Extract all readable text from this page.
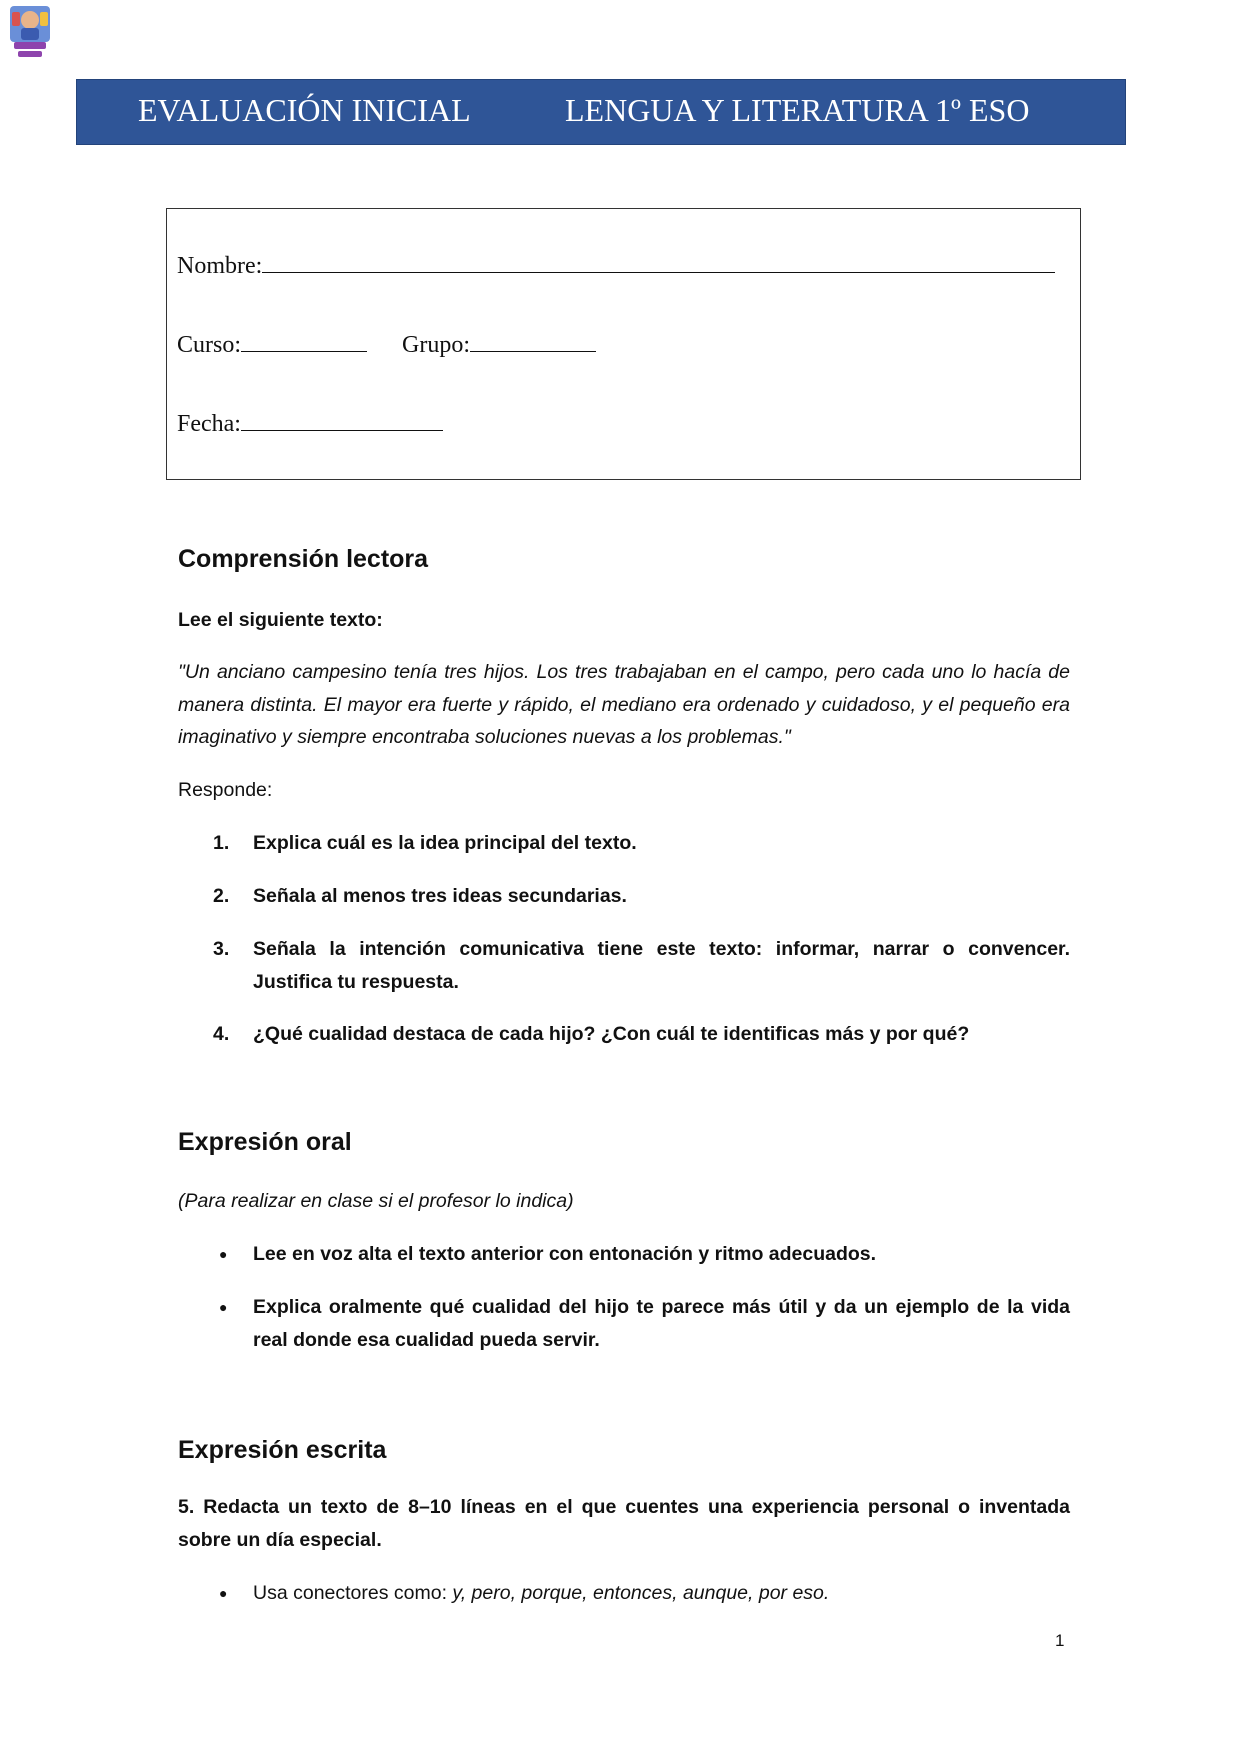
EVALUACIÓN INICIAL	LENGUA Y LITERATURA 1º ESO
Nombre:
Curso:	Grupo:
Fecha:
Comprensión lectora
Lee el siguiente texto:
"Un anciano campesino tenía tres hijos. Los tres trabajaban en el campo, pero cada uno lo hacía de manera distinta. El mayor era fuerte y rápido, el mediano era ordenado y cuidadoso, y el pequeño era imaginativo y siempre encontraba soluciones nuevas a los problemas."
Responde:
1. Explica cuál es la idea principal del texto.
2. Señala al menos tres ideas secundarias.
3. Señala la intención comunicativa tiene este texto: informar, narrar o convencer. Justifica tu respuesta.
4. ¿Qué cualidad destaca de cada hijo? ¿Con cuál te identificas más y por qué?
Expresión oral
(Para realizar en clase si el profesor lo indica)
● Lee en voz alta el texto anterior con entonación y ritmo adecuados.
● Explica oralmente qué cualidad del hijo te parece más útil y da un ejemplo de la vida real donde esa cualidad pueda servir.
Expresión escrita
5. Redacta un texto de 8–10 líneas en el que cuentes una experiencia personal o inventada sobre un día especial.
● Usa conectores como: y, pero, porque, entonces, aunque, por eso.
1
